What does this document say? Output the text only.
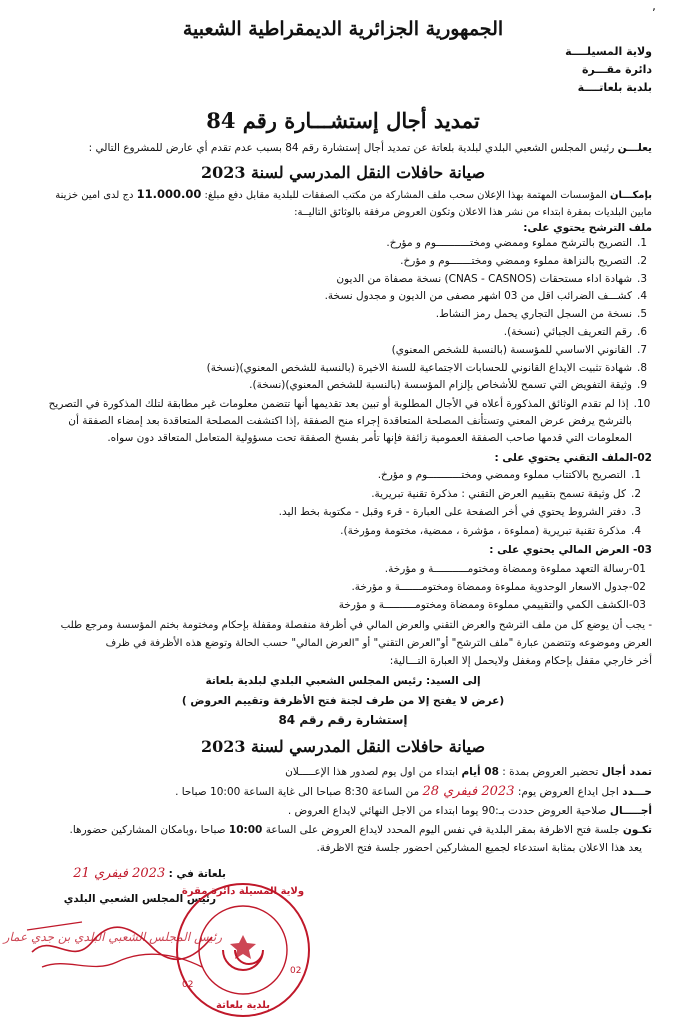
٬
الجمهورية الجزائرية الديمقراطية الشعبية
ولاية المسيلــــة
دائرة مقـــرة
بلدية بلعاتــــة
تمديد أجال إستشـــارة رقم 84
يعلـــن رئيس المجلس الشعبي البلدي لبلدية بلعاتة عن تمديد أجال إستشارة رقم 84 بسبب عدم تقدم أي عارض للمشروع التالي :
صيانة حافلات النقل المدرسي لسنة 2023
بإمكـــان المؤسسات المهتمة بهذا الإعلان سحب ملف المشاركة من مكتب الصفقات للبلدية مقابل دفع مبلغ: 11.000.00 دج لدى امين خزينة
مابين البلديات بمقرة ابتداء من نشر هذا الاعلان وتكون العروض مرفقة بالوثائق التاليــة:
ملف الترشح يحتوي على:
1.التصريح بالترشح مملوء وممضي ومختـــــــــــوم و مؤرخ.
2.التصريح بالنزاهة مملوء وممضي ومختـــــــوم و مؤرخ.
3.شهادة اداء مستحقات (CNAS - CASNOS) نسخة مصفاة من الديون
4.كشـــف الضرائب اقل من 03 اشهر مصفى من الديون و مجدول نسخة.
5.نسخة من السجل التجاري يحمل رمز النشاط.
6.رقم التعريف الجبائي (نسخة).
7.القانوني الاساسي للمؤسسة (بالنسبة للشخص المعنوي)
8.شهادة تثبيت الايداع القانوني للحسابات الاجتماعية للسنة الاخيرة (بالنسبة للشخص المعنوي)(نسخة)
9.وثيقة التفويض التي تسمح للأشخاص بإلزام المؤسسة (بالنسبة للشخص المعنوي)(نسخة).
10. إذا لم تقدم الوثائق المذكورة أعلاه في الأجال المطلوبة أو تبين بعد تقديمها أنها تتضمن معلومات غير مطابقة لتلك المذكورة في التصريح
بالترشح يرفض عرض المعني وتستأنف المصلحة المتعاقدة إجراء منح الصفقة ,إذا اكتشفت المصلحة المتعاقدة بعد إمضاء الصفقة أن
المعلومات التي قدمها صاحب الصفقة العمومية زائفة فإنها تأمر بفسخ الصفقة تحت مسؤولية المتعامل المتعاقد دون سواه.
02-الملف التقني يحتوي على :
1.التصريح بالاكتتاب مملوء وممضي ومختـــــــــــوم و مؤرخ.
2.كل وثيقة تسمح بتقييم العرض التقني : مذكرة تقنية تبريرية.
3.دفتر الشروط يحتوي في أخر الصفحة على العبارة - قرء وقبل - مكتوبة بخط اليد.
4.مذكرة تقنية تبريرية (مملوءة ، مؤشرة ، ممضية، مختومة ومؤرخة).
03- العرض المالي يحتوي على :
01-رسالة التعهد مملوءة وممضاة ومختومـــــــــــة و مؤرخة.
02-جدول الاسعار الوحدوية مملوءة وممضاة ومختومـــــــة و مؤرخة.
03-الكشف الكمي والتقييمي مملوءة وممضاة ومختومــــــــــة و مؤرخة
- يجب أن يوضع كل من ملف الترشح والعرض التقني والعرض المالي في أظرفة منفصلة ومقفلة بإحكام ومختومة بختم المؤسسة ومرجع طلب
العرض وموضوعه وتتضمن عبارة "ملف الترشح" أو"العرض التقني" أو "العرض المالي" حسب الحالة وتوضع هذه الأظرفة في ظرف
أخر خارجي مقفل بإحكام ومغفل ولايحمل إلا العبارة التـــالية:
إلى السيد: رئيس المجلس الشعبي البلدي لبلدية بلعاتة
(عرض لا يفتح إلا من طرف لجنة فتح الأظرفة وتقييم العروض )
إستشارة رقم رقم 84
صيانة حافلات النقل المدرسي لسنة 2023
تمدد أجال تحضير العروض بمدة : 08 أيام ابتداء من اول يوم لصدور هذا الإعـــــلان
حـــدد اجل ايداع العروض يوم: 2023 فيفري 28 من الساعة 8:30 صباحا الى غاية الساعة 10:00 صباحا .
أجـــــال صلاحية العروض حددت بـ:90 يوما ابتداء من الاجل النهائي لايداع العروض .
تكـون جلسة فتح الاظرفة بمقر البلدية في نفس اليوم المحدد لايداع العروض على الساعة 10:00 صباحا ،وبامكان المشاركين حضورها.
يعد هذا الاعلان بمثابة استدعاء لجميع المشاركين احضور جلسة فتح الاظرفة.
بلعاتة في : 2023 فيفري 21
رئيس المجلس الشعبي البلدي
رئيس المجلس الشعبي البلدي بن جدي عمار
ولاية المسيلة دائرة مقرة
بلدية بلعاتة
02
02
